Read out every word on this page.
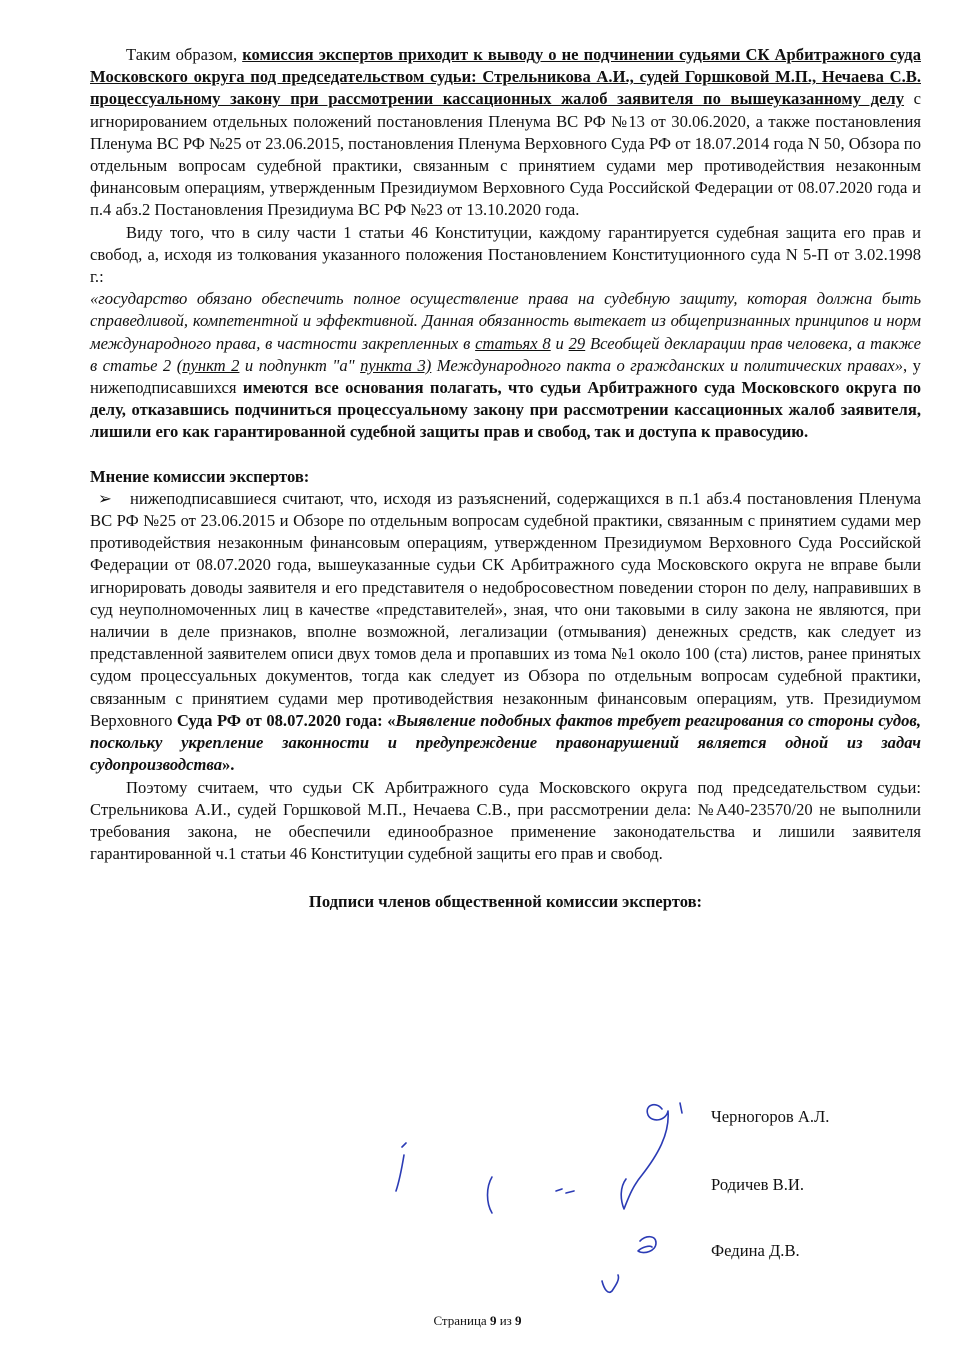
Таким образом, комиссия экспертов приходит к выводу о не подчинении судьями СК Арбитражного суда Московского округа под председательством судьи: Стрельникова А.И., судей Горшковой М.П., Нечаева С.В. процессуальному закону при рассмотрении кассационных жалоб заявителя по вышеуказанному делу с игнорированием отдельных положений постановления Пленума ВС РФ №13 от 30.06.2020, а также постановления Пленума ВС РФ №25 от 23.06.2015, постановления Пленума Верховного Суда РФ от 18.07.2014 года N 50, Обзора по отдельным вопросам судебной практики, связанным с принятием судами мер противодействия незаконным финансовым операциям, утвержденным Президиумом Верховного Суда Российской Федерации от 08.07.2020 года и п.4 абз.2 Постановления Президиума ВС РФ №23 от 13.10.2020 года.

Виду того, что в силу части 1 статьи 46 Конституции, каждому гарантируется судебная защита его прав и свобод, а, исходя из толкования указанного положения Постановлением Конституционного суда N 5-П от 3.02.1998 г.:

«государство обязано обеспечить полное осуществление права на судебную защиту, которая должна быть справедливой, компетентной и эффективной. Данная обязанность вытекает из общепризнанных принципов и норм международного права, в частности закрепленных в статьях 8 и 29 Всеобщей декларации прав человека, а также в статье 2 (пункт 2 и подпункт "а" пункта 3) Международного пакта о гражданских и политических правах», у нижеподписавшихся имеются все основания полагать, что судьи Арбитражного суда Московского округа по делу, отказавшись подчиниться процессуальному закону при рассмотрении кассационных жалоб заявителя, лишили его как гарантированной судебной защиты прав и свобод, так и доступа к правосудию.

Мнение комиссии экспертов:

➢ нижеподписавшиеся считают, что, исходя из разъяснений, содержащихся в п.1 абз.4 постановления Пленума ВС РФ №25 от 23.06.2015 и Обзоре по отдельным вопросам судебной практики, связанным с принятием судами мер противодействия незаконным финансовым операциям, утвержденном Президиумом Верховного Суда Российской Федерации от 08.07.2020 года, вышеуказанные судьи СК Арбитражного суда Московского округа не вправе были игнорировать доводы заявителя и его представителя о недобросовестном поведении сторон по делу, направивших в суд неуполномоченных лиц в качестве «представителей», зная, что они таковыми в силу закона не являются, при наличии в деле признаков, вполне возможной, легализации (отмывания) денежных средств, как следует из представленной заявителем описи двух томов дела и пропавших из тома №1 около 100 (ста) листов, ранее принятых судом процессуальных документов, тогда как следует из Обзора по отдельным вопросам судебной практики, связанным с принятием судами мер противодействия незаконным финансовым операциям, утв. Президиумом Верховного Суда РФ от 08.07.2020 года: «Выявление подобных фактов требует реагирования со стороны судов, поскольку укрепление законности и предупреждение правонарушений является одной из задач судопроизводства».

Поэтому считаем, что судьи СК Арбитражного суда Московского округа под председательством судьи: Стрельникова А.И., судей Горшковой М.П., Нечаева С.В., при рассмотрении дела: №А40-23570/20 не выполнили требования закона, не обеспечили единообразное применение законодательства и лишили заявителя гарантированной ч.1 статьи 46 Конституции судебной защиты его прав и свобод.

Подписи членов общественной комиссии экспертов:

Черногоров А.Л.
Родичев В.И.
Федина Д.В.
Страница 9 из 9
